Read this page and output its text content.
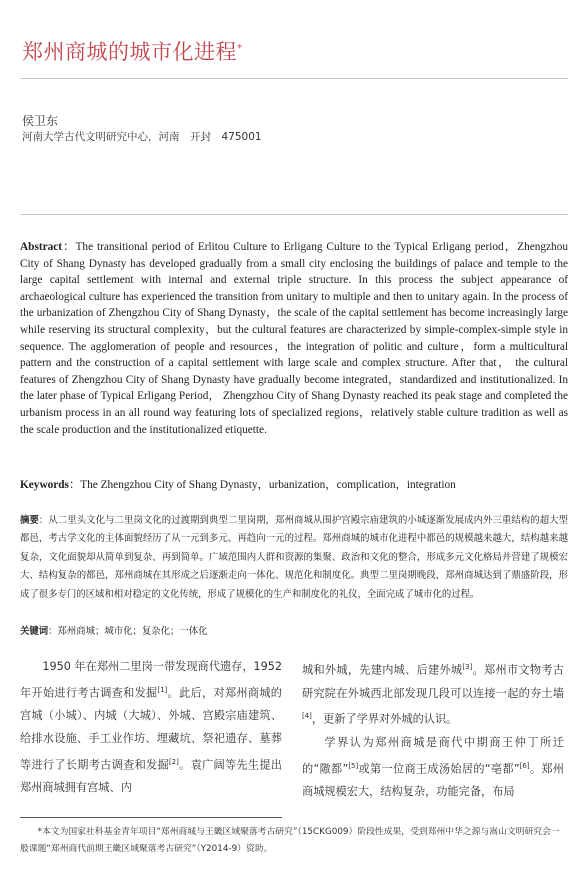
郑州商城的城市化进程*

侯卫东

河南大学古代文明研究中心，河南　开封　475001

Abstract：The transitional period of Erlitou Culture to Erligang Culture to the Typical Erligang period，Zhengzhou City of Shang Dynasty has developed gradually from a small city enclosing the buildings of palace and temple to the large capital settlement with internal and external triple structure. In this process the subject appearance of archaeological culture has experienced the transition from unitary to multiple and then to unitary again. In the process of the urbanization of Zhengzhou City of Shang Dynasty，the scale of the capital settlement has become increasingly large while reserving its structural complexity，but the cultural features are characterized by simple-complex-simple style in sequence. The agglomeration of people and resources，the integration of politic and culture，form a multicultural pattern and the construction of a capital settlement with large scale and complex structure. After that， the cultural features of Zhengzhou City of Shang Dynasty have gradually become integrated，standardized and institutionalized. In the later phase of Typical Erligang Period， Zhengzhou City of Shang Dynasty reached its peak stage and completed the urbanism process in an all round way featuring lots of specialized regions，relatively stable culture tradition as well as the scale production and the institutionalized etiquette.

Keywords：The Zhengzhou City of Shang Dynasty，urbanization，complication，integration

摘要：从二里头文化与二里岗文化的过渡期到典型二里岗期，郑州商城从围护宫殿宗庙建筑的小城逐渐发展成内外三重结构的超大型都邑，考古学文化的主体面貌经历了从一元到多元、再趋向一元的过程。郑州商城的城市化进程中都邑的规模越来越大，结构越来越复杂，文化面貌却从简单到复杂、再到简单。广域范围内人群和资源的集聚、政治和文化的整合，形成多元文化格局并营建了规模宏大、结构复杂的都邑，郑州商城在其形成之后逐渐走向一体化、规范化和制度化。典型二里岗期晚段，郑州商城达到了鼎盛阶段，形成了很多专门的区域和相对稳定的文化传统，形成了规模化的生产和制度化的礼仪，全面完成了城市化的过程。

关键词：郑州商城；城市化；复杂化；一体化

1950 年在郑州二里岗一带发现商代遗存，1952年开始进行考古调查和发掘[1]。此后，对郑州商城的宫城（小城）、内城（大城）、外城、宫殿宗庙建筑、给排水设施、手工业作坊、埋藏坑、祭祀遗存、墓葬等进行了长期考古调查和发掘[2]。袁广阔等先生提出郑州商城拥有宫城、内

城和外城，先建内城、后建外城[3]。郑州市文物考古研究院在外城西北部发现几段可以连接一起的夯土墙[4]，更新了学界对外城的认识。

学界认为郑州商城是商代中期商王仲丁所迁的“隞都”[5]或第一位商王成汤始居的“亳都”[6]。郑州商城规模宏大，结构复杂，功能完备，布局

*本文为国家社科基金青年项目“郑州商城与王畿区域聚落考古研究”（15CKG009）阶段性成果，受到郑州中华之源与嵩山文明研究会一般课题“郑州商代前期王畿区域聚落考古研究”（Y2014-9）资助。
